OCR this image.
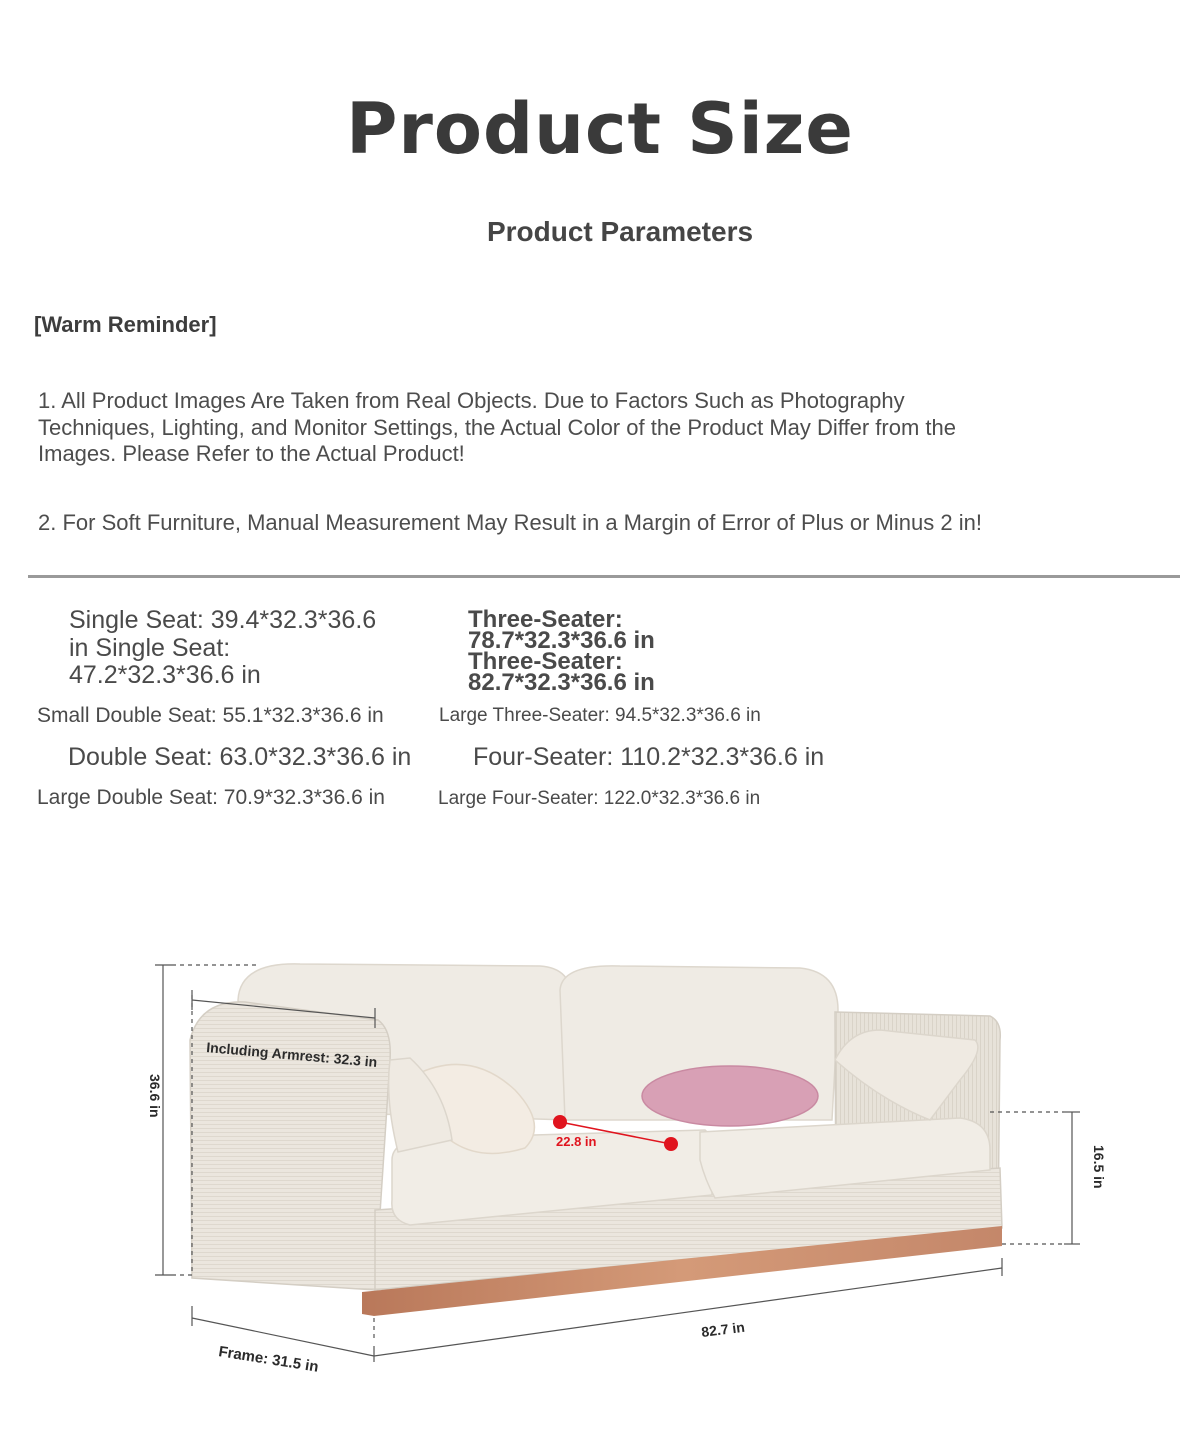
Product Size
Product Parameters
[Warm Reminder]
1. All Product Images Are Taken from Real Objects. Due to Factors Such as Photography Techniques, Lighting, and Monitor Settings, the Actual Color of the Product May Differ from the Images. Please Refer to the Actual Product!
2. For Soft Furniture, Manual Measurement May Result in a Margin of Error of Plus or Minus 2 in!
Single Seat: 39.4*32.3*36.6 in Single Seat: 47.2*32.3*36.6 in
Three-Seater:
78.7*32.3*36.6 in
Three-Seater:
82.7*32.3*36.6 in
Small Double Seat: 55.1*32.3*36.6 in	Large Three-Seater: 94.5*32.3*36.6 in
Double Seat: 63.0*32.3*36.6 in Four-Seater: 110.2*32.3*36.6 in
Large Double Seat: 70.9*32.3*36.6 in	Large Four-Seater: 122.0*32.3*36.6 in
Including Armrest: 32.3 in
36.6 in
22.8 in
16.5 in
82.7 in
Frame: 31.5 in
